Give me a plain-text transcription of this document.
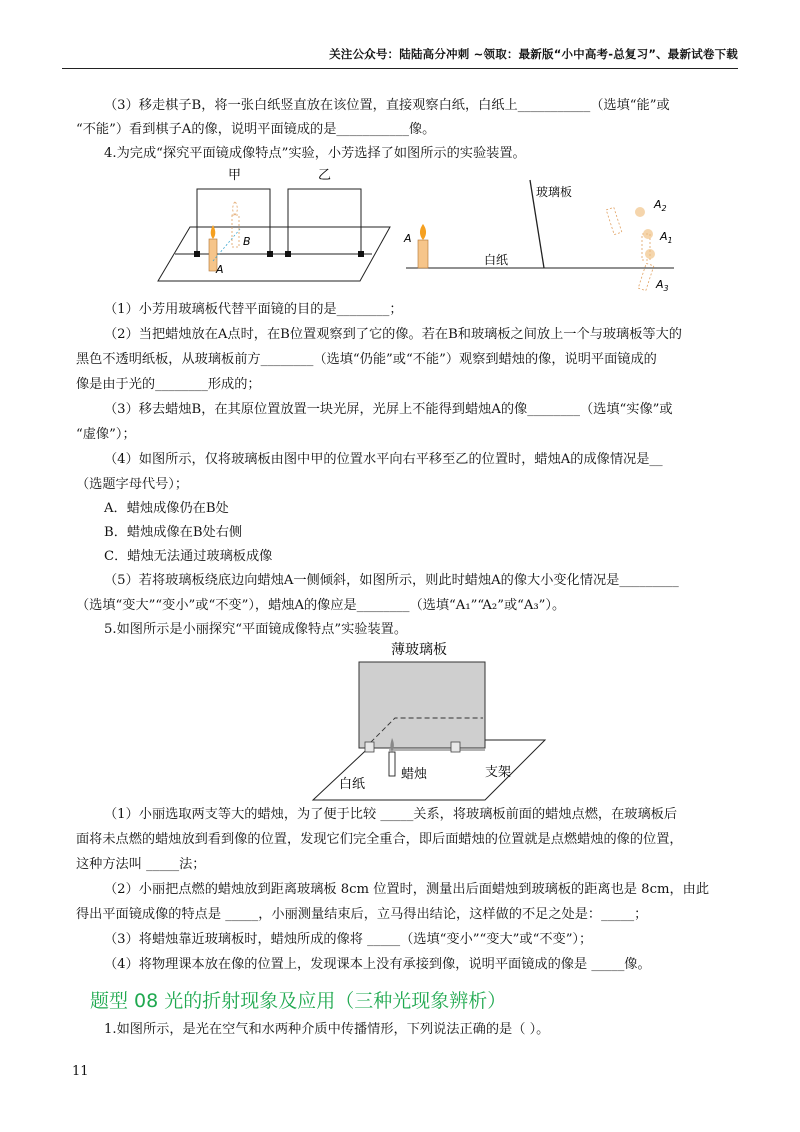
关注公众号：陆陆高分冲刺 ~领取：最新版“小中高考-总复习”、最新试卷下载
（3）移走棋子B，将一张白纸竖直放在该位置，直接观察白纸，白纸上___________（选填“能”或
“不能”）看到棋子A的像，说明平面镜成的是___________像。
4.为完成“探究平面镜成像特点”实验，小芳选择了如图所示的实验装置。
甲	乙
A
B
玻璃板
白纸
A
$A_2$
$A_1$
$A_3$
（1）小芳用玻璃板代替平面镜的目的是________；
（2）当把蜡烛放在A点时，在B位置观察到了它的像。若在B和玻璃板之间放上一个与玻璃板等大的
黑色不透明纸板，从玻璃板前方________（选填“仍能”或“不能”）观察到蜡烛的像，说明平面镜成的
像是由于光的________形成的；
（3）移去蜡烛B，在其原位置放置一块光屏，光屏上不能得到蜡烛A的像________（选填“实像”或
“虚像”）；
（4）如图所示，仅将玻璃板由图中甲的位置水平向右平移至乙的位置时，蜡烛A的成像情况是__
（选题字母代号）；
A．蜡烛成像仍在B处
B．蜡烛成像在B处右侧
C．蜡烛无法通过玻璃板成像
（5）若将玻璃板绕底边向蜡烛A一侧倾斜，如图所示，则此时蜡烛A的像大小变化情况是_________
（选填“变大”“变小”或“不变”），蜡烛A的像应是________（选填“A₁”“A₂”或“A₃”）。
5.如图所示是小丽探究“平面镜成像特点”实验装置。
薄玻璃板
白纸
蜡烛	支架
（1）小丽选取两支等大的蜡烛，为了便于比较 _____关系，将玻璃板前面的蜡烛点燃，在玻璃板后
面将未点燃的蜡烛放到看到像的位置，发现它们完全重合，即后面蜡烛的位置就是点燃蜡烛的像的位置，
这种方法叫 _____法；
（2）小丽把点燃的蜡烛放到距离玻璃板 8cm 位置时，测量出后面蜡烛到玻璃板的距离也是 8cm，由此
得出平面镜成像的特点是 _____，小丽测量结束后，立马得出结论，这样做的不足之处是：_____；
（3）将蜡烛靠近玻璃板时，蜡烛所成的像将 _____（选填“变小”“变大”或“不变”）；
（4）将物理课本放在像的位置上，发现课本上没有承接到像，说明平面镜成的像是 _____像。
题型 08 光的折射现象及应用（三种光现象辨析）
1.如图所示，是光在空气和水两种介质中传播情形，下列说法正确的是（ ）。
11
